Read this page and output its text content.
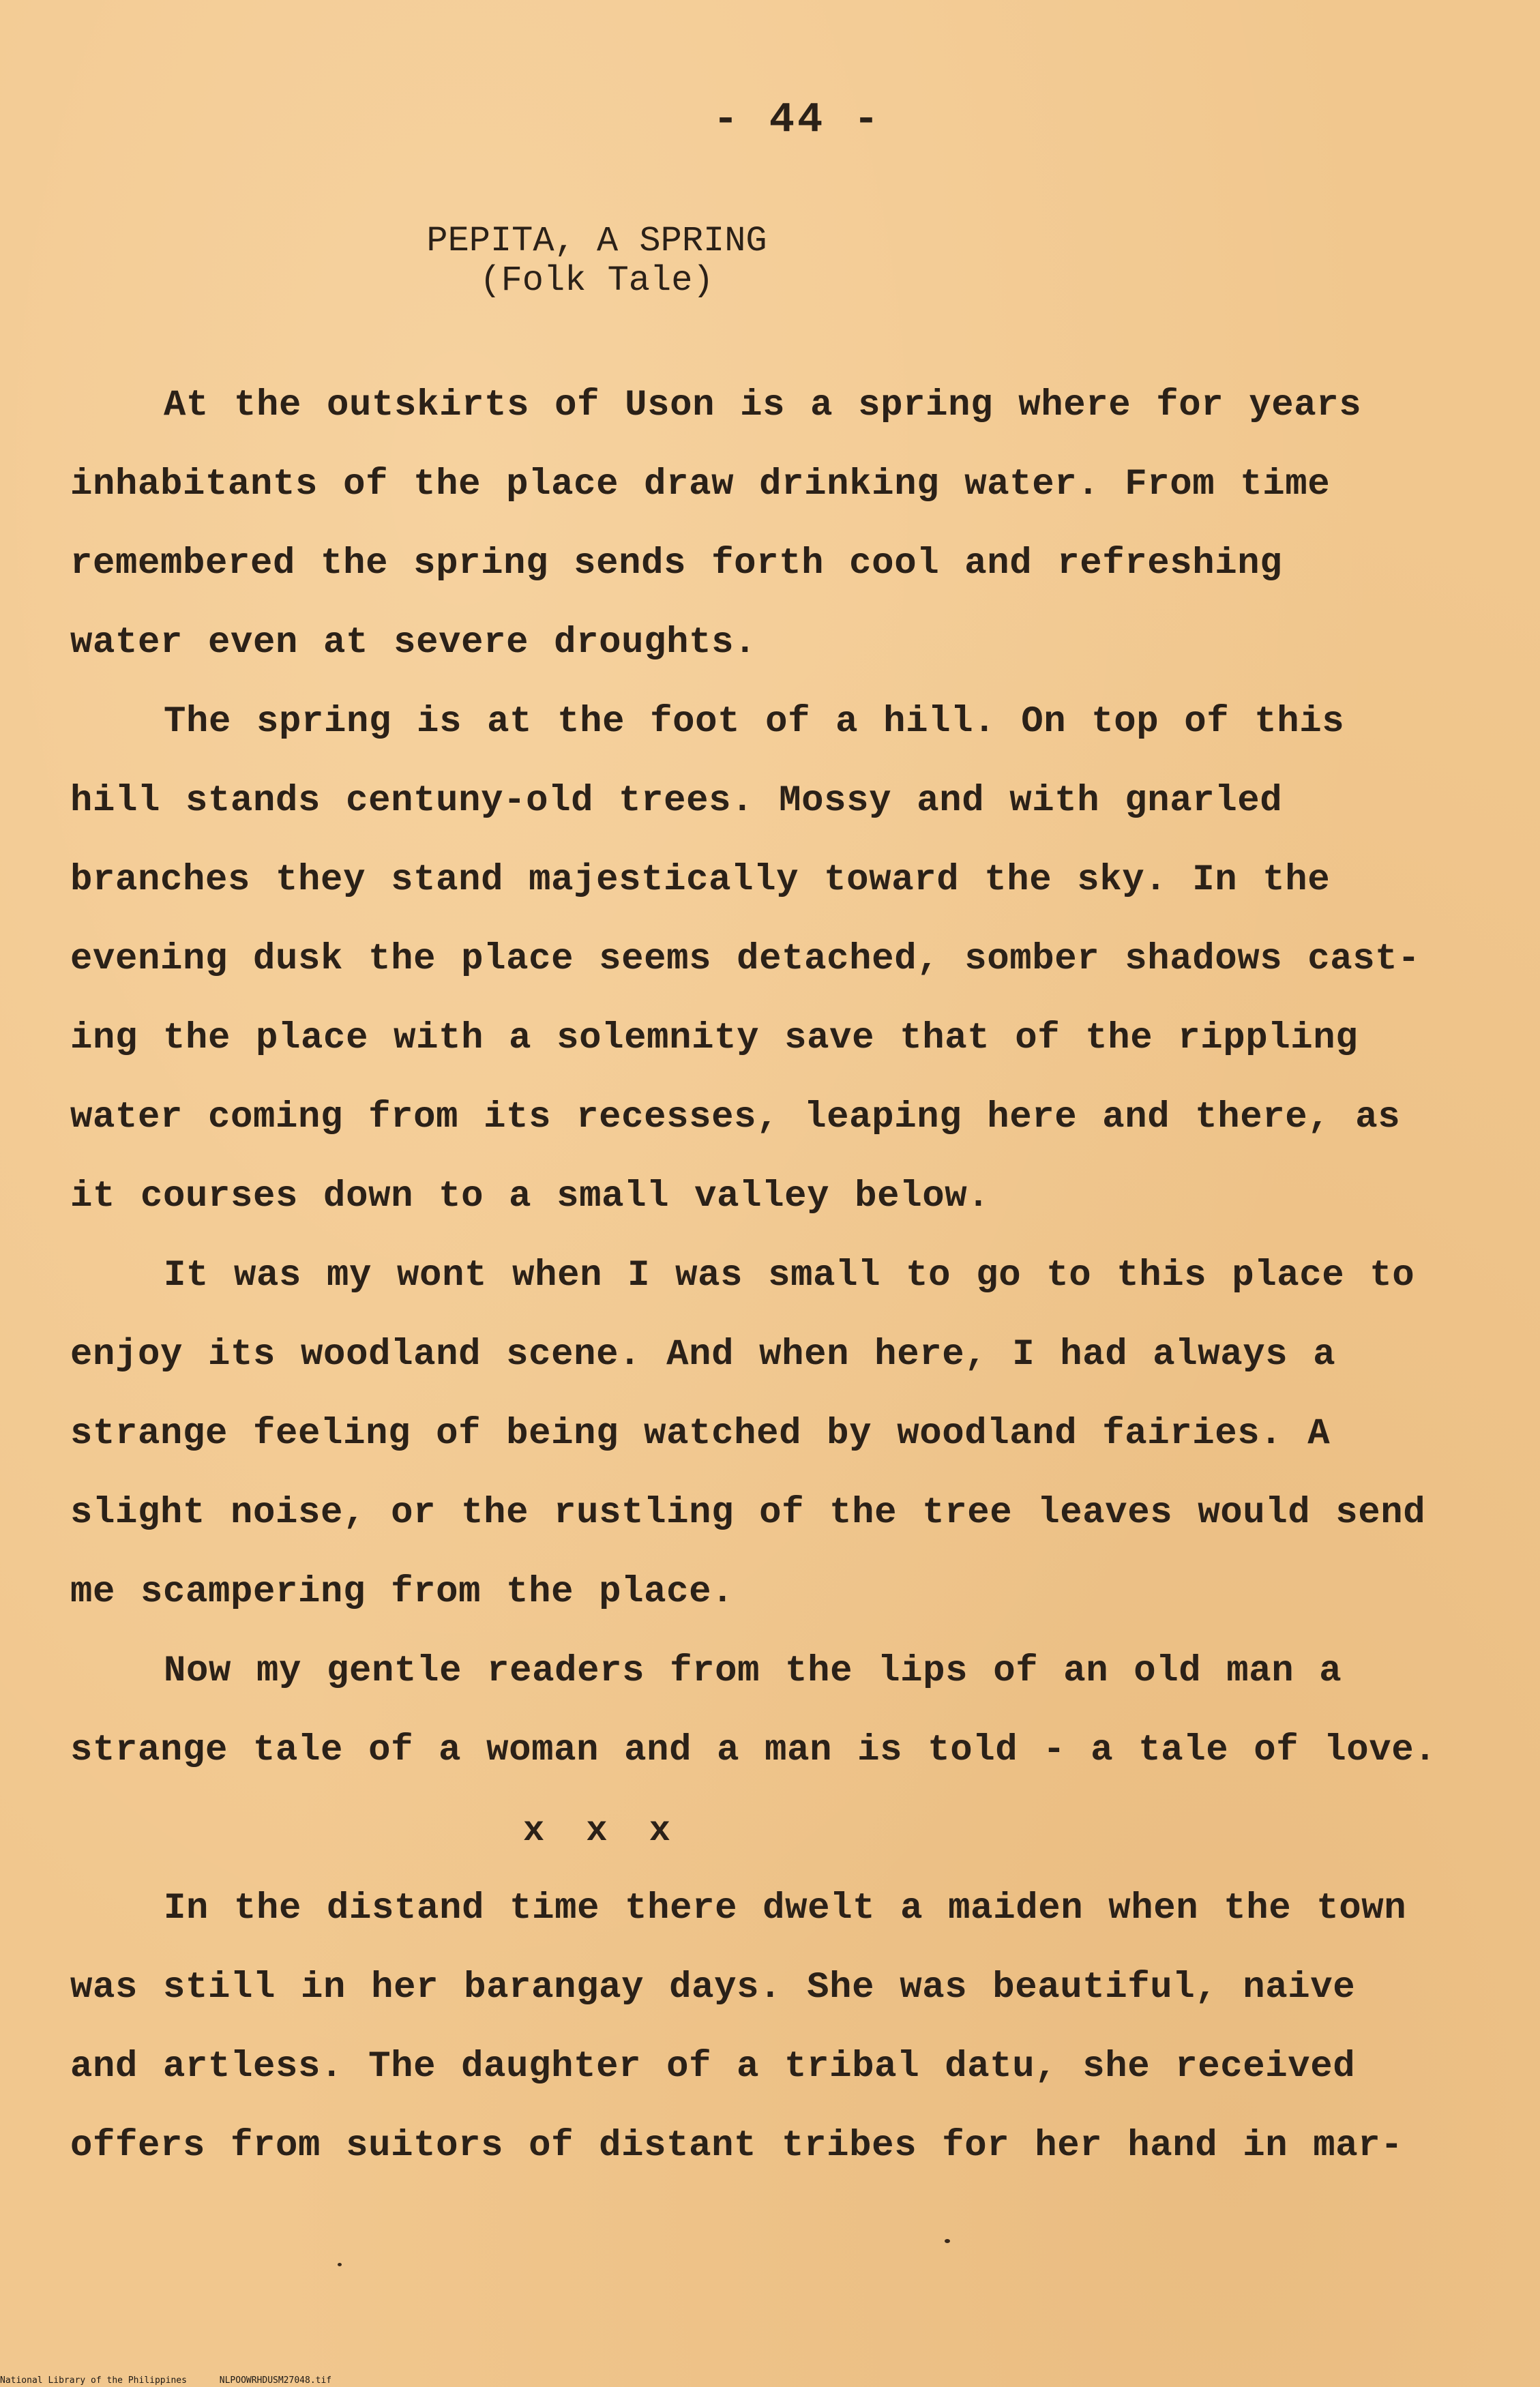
- 44 -
PEPITA, A SPRING
(Folk Tale)
At the outskirts of Uson is a spring where for years
inhabitants of the place draw drinking water. From time
remembered the spring sends forth cool and refreshing
water even at severe droughts.
The spring is at the foot of a hill. On top of this
hill stands centuny-old trees. Mossy and with gnarled
branches they stand majestically toward the sky. In the
evening dusk the place seems detached, somber shadows cast-
ing the place with a solemnity save that of the rippling
water coming from its recesses, leaping here and there, as
it courses down to a small valley below.
It was my wont when I was small to go to this place to
enjoy its woodland scene. And when here, I had always a
strange feeling of being watched by woodland fairies. A
slight noise, or the rustling of the tree leaves would send
me scampering from the place.
Now my gentle readers from the lips of an old man a
strange tale of a woman and a man is told - a tale of love.
x x x
In the distand time there dwelt a maiden when the town
was still in her barangay days. She was beautiful, naive
and artless. The daughter of a tribal datu, she received
offers from suitors of distant tribes for her hand in mar-
National Library of the Philippines	NLPOOWRHDUSM27048.tif
